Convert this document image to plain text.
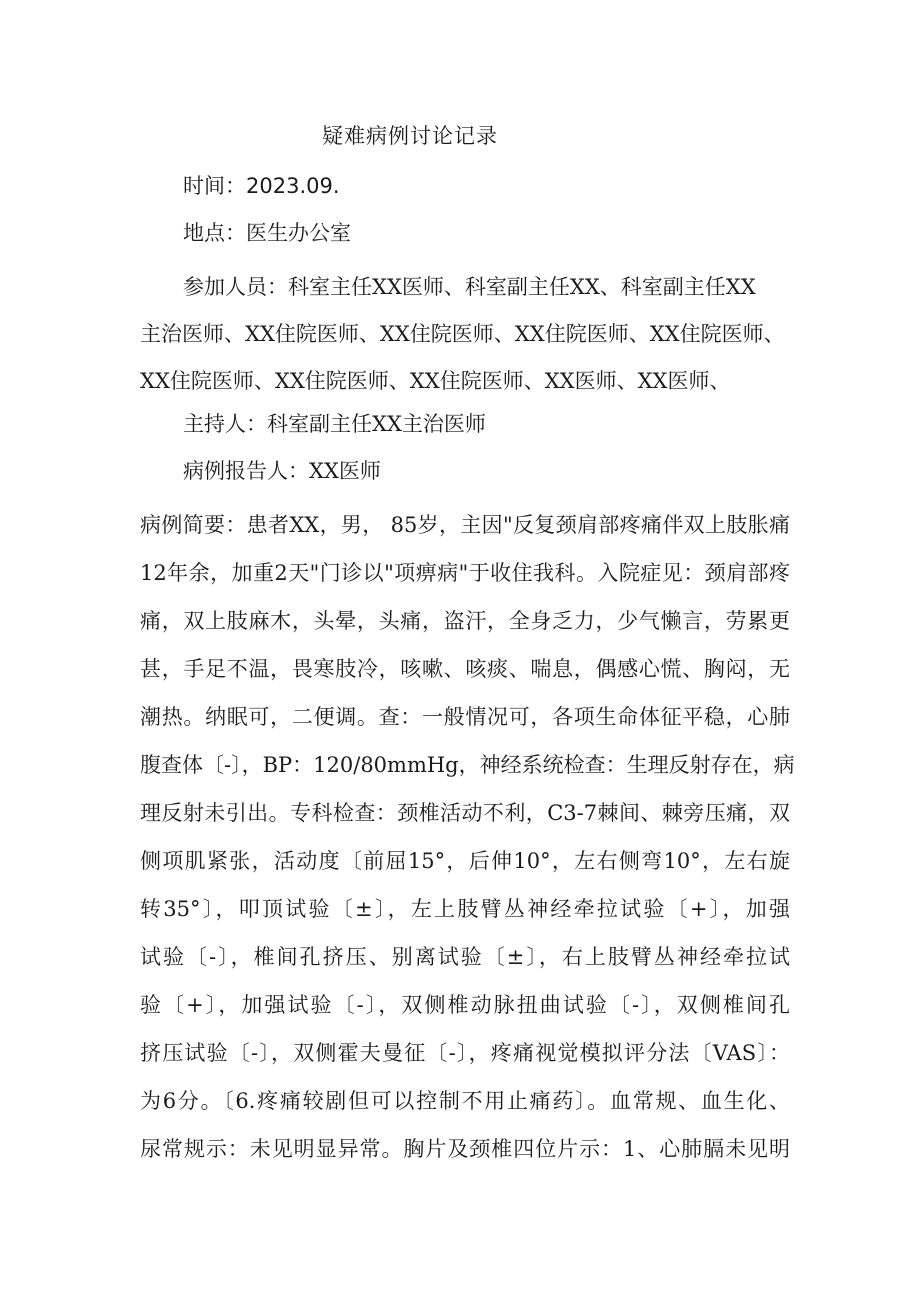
疑难病例讨论记录

时间：2023.09.

地点：医生办公室

参加人员：科室主任XX医师、科室副主任XX、科室副主任XX
主治医师、XX住院医师、XX住院医师、XX住院医师、XX住院医师、
XX住院医师、XX住院医师、XX住院医师、XX医师、XX医师、

主持人：科室副主任XX主治医师

病例报告人：XX医师

病例简要：患者XX，男， 85岁，主因"反复颈肩部疼痛伴双上肢胀痛
12年余，加重2天"门诊以"项痹病"于收住我科。入院症见：颈肩部疼
痛，双上肢麻木，头晕，头痛，盗汗，全身乏力，少气懒言，劳累更
甚，手足不温，畏寒肢冷，咳嗽、咳痰、喘息，偶感心慌、胸闷，无
潮热。纳眠可，二便调。查：一般情况可，各项生命体征平稳，心肺
腹查体〔-〕，BP：120/80mmHg，神经系统检查：生理反射存在，病
理反射未引出。专科检查：颈椎活动不利，C3-7棘间、棘旁压痛，双
侧项肌紧张，活动度〔前屈15°，后伸10°，左右侧弯10°，左右旋
转35°〕，叩顶试验〔±〕，左上肢臂丛神经牵拉试验〔+〕，加强
试验〔-〕，椎间孔挤压、别离试验〔±〕，右上肢臂丛神经牵拉试
验〔+〕，加强试验〔-〕，双侧椎动脉扭曲试验〔-〕，双侧椎间孔
挤压试验〔-〕，双侧霍夫曼征〔-〕，疼痛视觉模拟评分法〔VAS〕：
为6分。〔6.疼痛较剧但可以控制不用止痛药〕。血常规、血生化、
尿常规示：未见明显异常。胸片及颈椎四位片示：1、心肺膈未见明
